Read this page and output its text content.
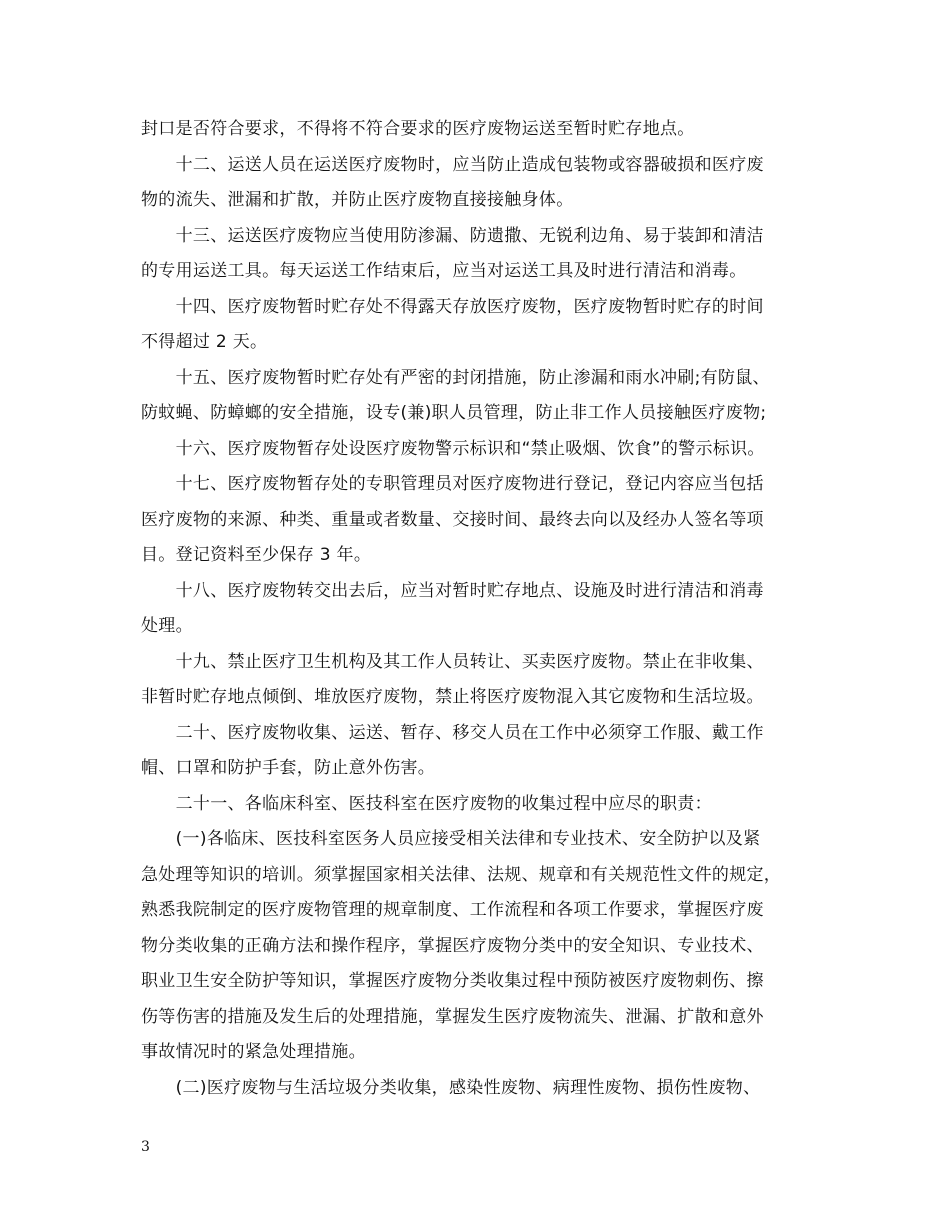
封口是否符合要求，不得将不符合要求的医疗废物运送至暂时贮存地点。
　　十二、运送人员在运送医疗废物时，应当防止造成包装物或容器破损和医疗废
物的流失、泄漏和扩散，并防止医疗废物直接接触身体。
　　十三、运送医疗废物应当使用防渗漏、防遗撒、无锐利边角、易于装卸和清洁
的专用运送工具。每天运送工作结束后，应当对运送工具及时进行清洁和消毒。
　　十四、医疗废物暂时贮存处不得露天存放医疗废物，医疗废物暂时贮存的时间
不得超过 2 天。
　　十五、医疗废物暂时贮存处有严密的封闭措施，防止渗漏和雨水冲刷;有防鼠、
防蚊蝇、防蟑螂的安全措施，设专(兼)职人员管理，防止非工作人员接触医疗废物;
　　十六、医疗废物暂存处设医疗废物警示标识和“禁止吸烟、饮食”的警示标识。
　　十七、医疗废物暂存处的专职管理员对医疗废物进行登记，登记内容应当包括
医疗废物的来源、种类、重量或者数量、交接时间、最终去向以及经办人签名等项
目。登记资料至少保存 3 年。
　　十八、医疗废物转交出去后，应当对暂时贮存地点、设施及时进行清洁和消毒
处理。
　　十九、禁止医疗卫生机构及其工作人员转让、买卖医疗废物。禁止在非收集、
非暂时贮存地点倾倒、堆放医疗废物，禁止将医疗废物混入其它废物和生活垃圾。
　　二十、医疗废物收集、运送、暂存、移交人员在工作中必须穿工作服、戴工作
帽、口罩和防护手套，防止意外伤害。
　　二十一、各临床科室、医技科室在医疗废物的收集过程中应尽的职责：
　　(一)各临床、医技科室医务人员应接受相关法律和专业技术、安全防护以及紧
急处理等知识的培训。须掌握国家相关法律、法规、规章和有关规范性文件的规定，
熟悉我院制定的医疗废物管理的规章制度、工作流程和各项工作要求，掌握医疗废
物分类收集的正确方法和操作程序，掌握医疗废物分类中的安全知识、专业技术、
职业卫生安全防护等知识，掌握医疗废物分类收集过程中预防被医疗废物刺伤、擦
伤等伤害的措施及发生后的处理措施，掌握发生医疗废物流失、泄漏、扩散和意外
事故情况时的紧急处理措施。
　　(二)医疗废物与生活垃圾分类收集，感染性废物、病理性废物、损伤性废物、
3
